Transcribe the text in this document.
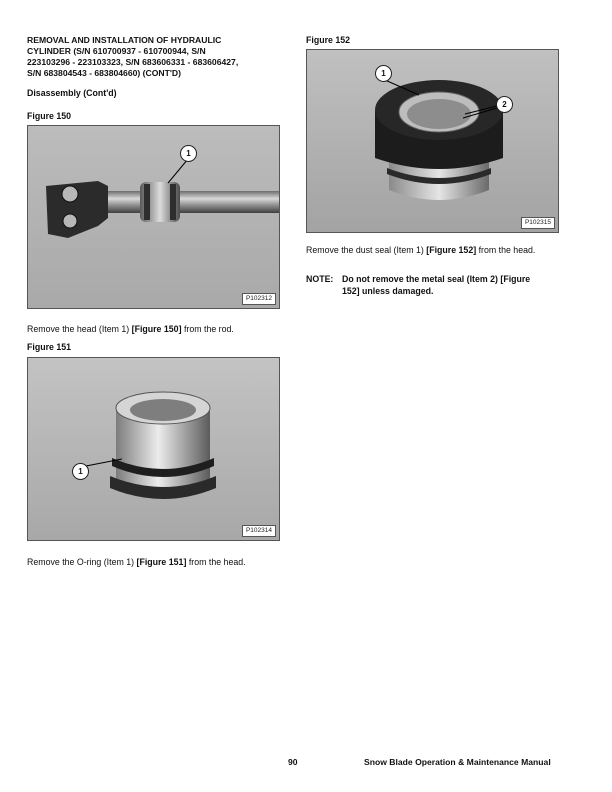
REMOVAL AND INSTALLATION OF HYDRAULIC
CYLINDER (S/N 610700937 - 610700944, S/N
223103296 - 223103323, S/N 683606331 - 683606427,
S/N 683804543 - 683804660) (CONT'D)
Disassembly (Cont'd)
Figure 150
1
P102312
Remove the head (Item 1) [Figure 150] from the rod.
Figure 151
1
P102314
Remove the O-ring (Item 1) [Figure 151] from the head.
Figure 152
1
2
P102315
Remove the dust seal (Item 1) [Figure 152] from the head.
NOTE: Do not remove the metal seal (Item 2) [Figure
152] unless damaged.
90	Snow Blade Operation & Maintenance Manual
